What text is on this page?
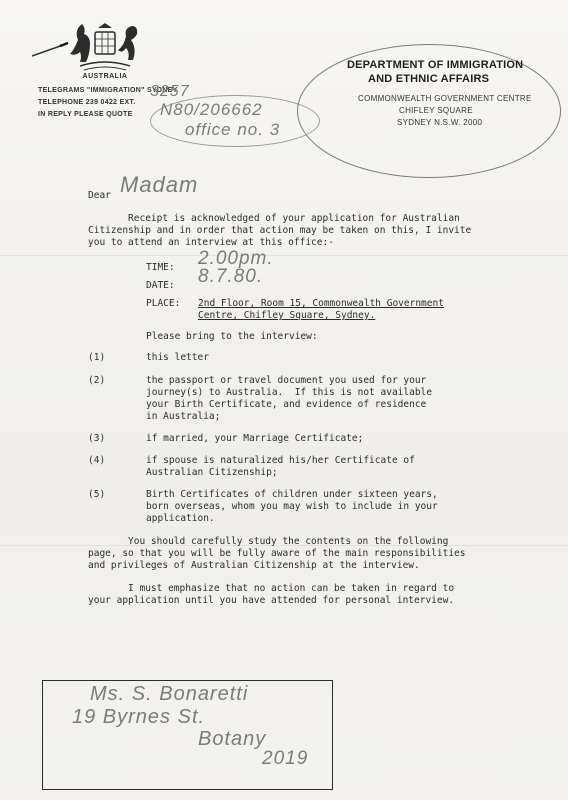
AUSTRALIA
TELEGRAMS "IMMIGRATION" SYDNEY
TELEPHONE 239 0422 EXT.
IN REPLY PLEASE QUOTE
3257
N80/206662
office no. 3
DEPARTMENT OF IMMIGRATION
AND ETHNIC AFFAIRS
COMMONWEALTH GOVERNMENT CENTRE
CHIFLEY SQUARE
SYDNEY N.S.W. 2000
Dear Madam
Receipt is acknowledged of your application for Australian
Citizenship and in order that action may be taken on this, I invite
you to attend an interview at this office:-
TIME: 2.00pm.
DATE: 8.7.80.
PLACE: 2nd Floor, Room 15, Commonwealth Government
Centre, Chifley Square, Sydney.
Please bring to the interview:
(1)	this letter
(2)	the passport or travel document you used for your
journey(s) to Australia.  If this is not available
your Birth Certificate, and evidence of residence
in Australia;
(3)	if married, your Marriage Certificate;
(4)	if spouse is naturalized his/her Certificate of
Australian Citizenship;
(5)	Birth Certificates of children under sixteen years,
born overseas, whom you may wish to include in your
application.
You should carefully study the contents on the following
page, so that you will be fully aware of the main responsibilities
and privileges of Australian Citizenship at the interview.
I must emphasize that no action can be taken in regard to
your application until you have attended for personal interview.
Ms. S. Bonaretti
19 Byrnes St.
Botany
2019
